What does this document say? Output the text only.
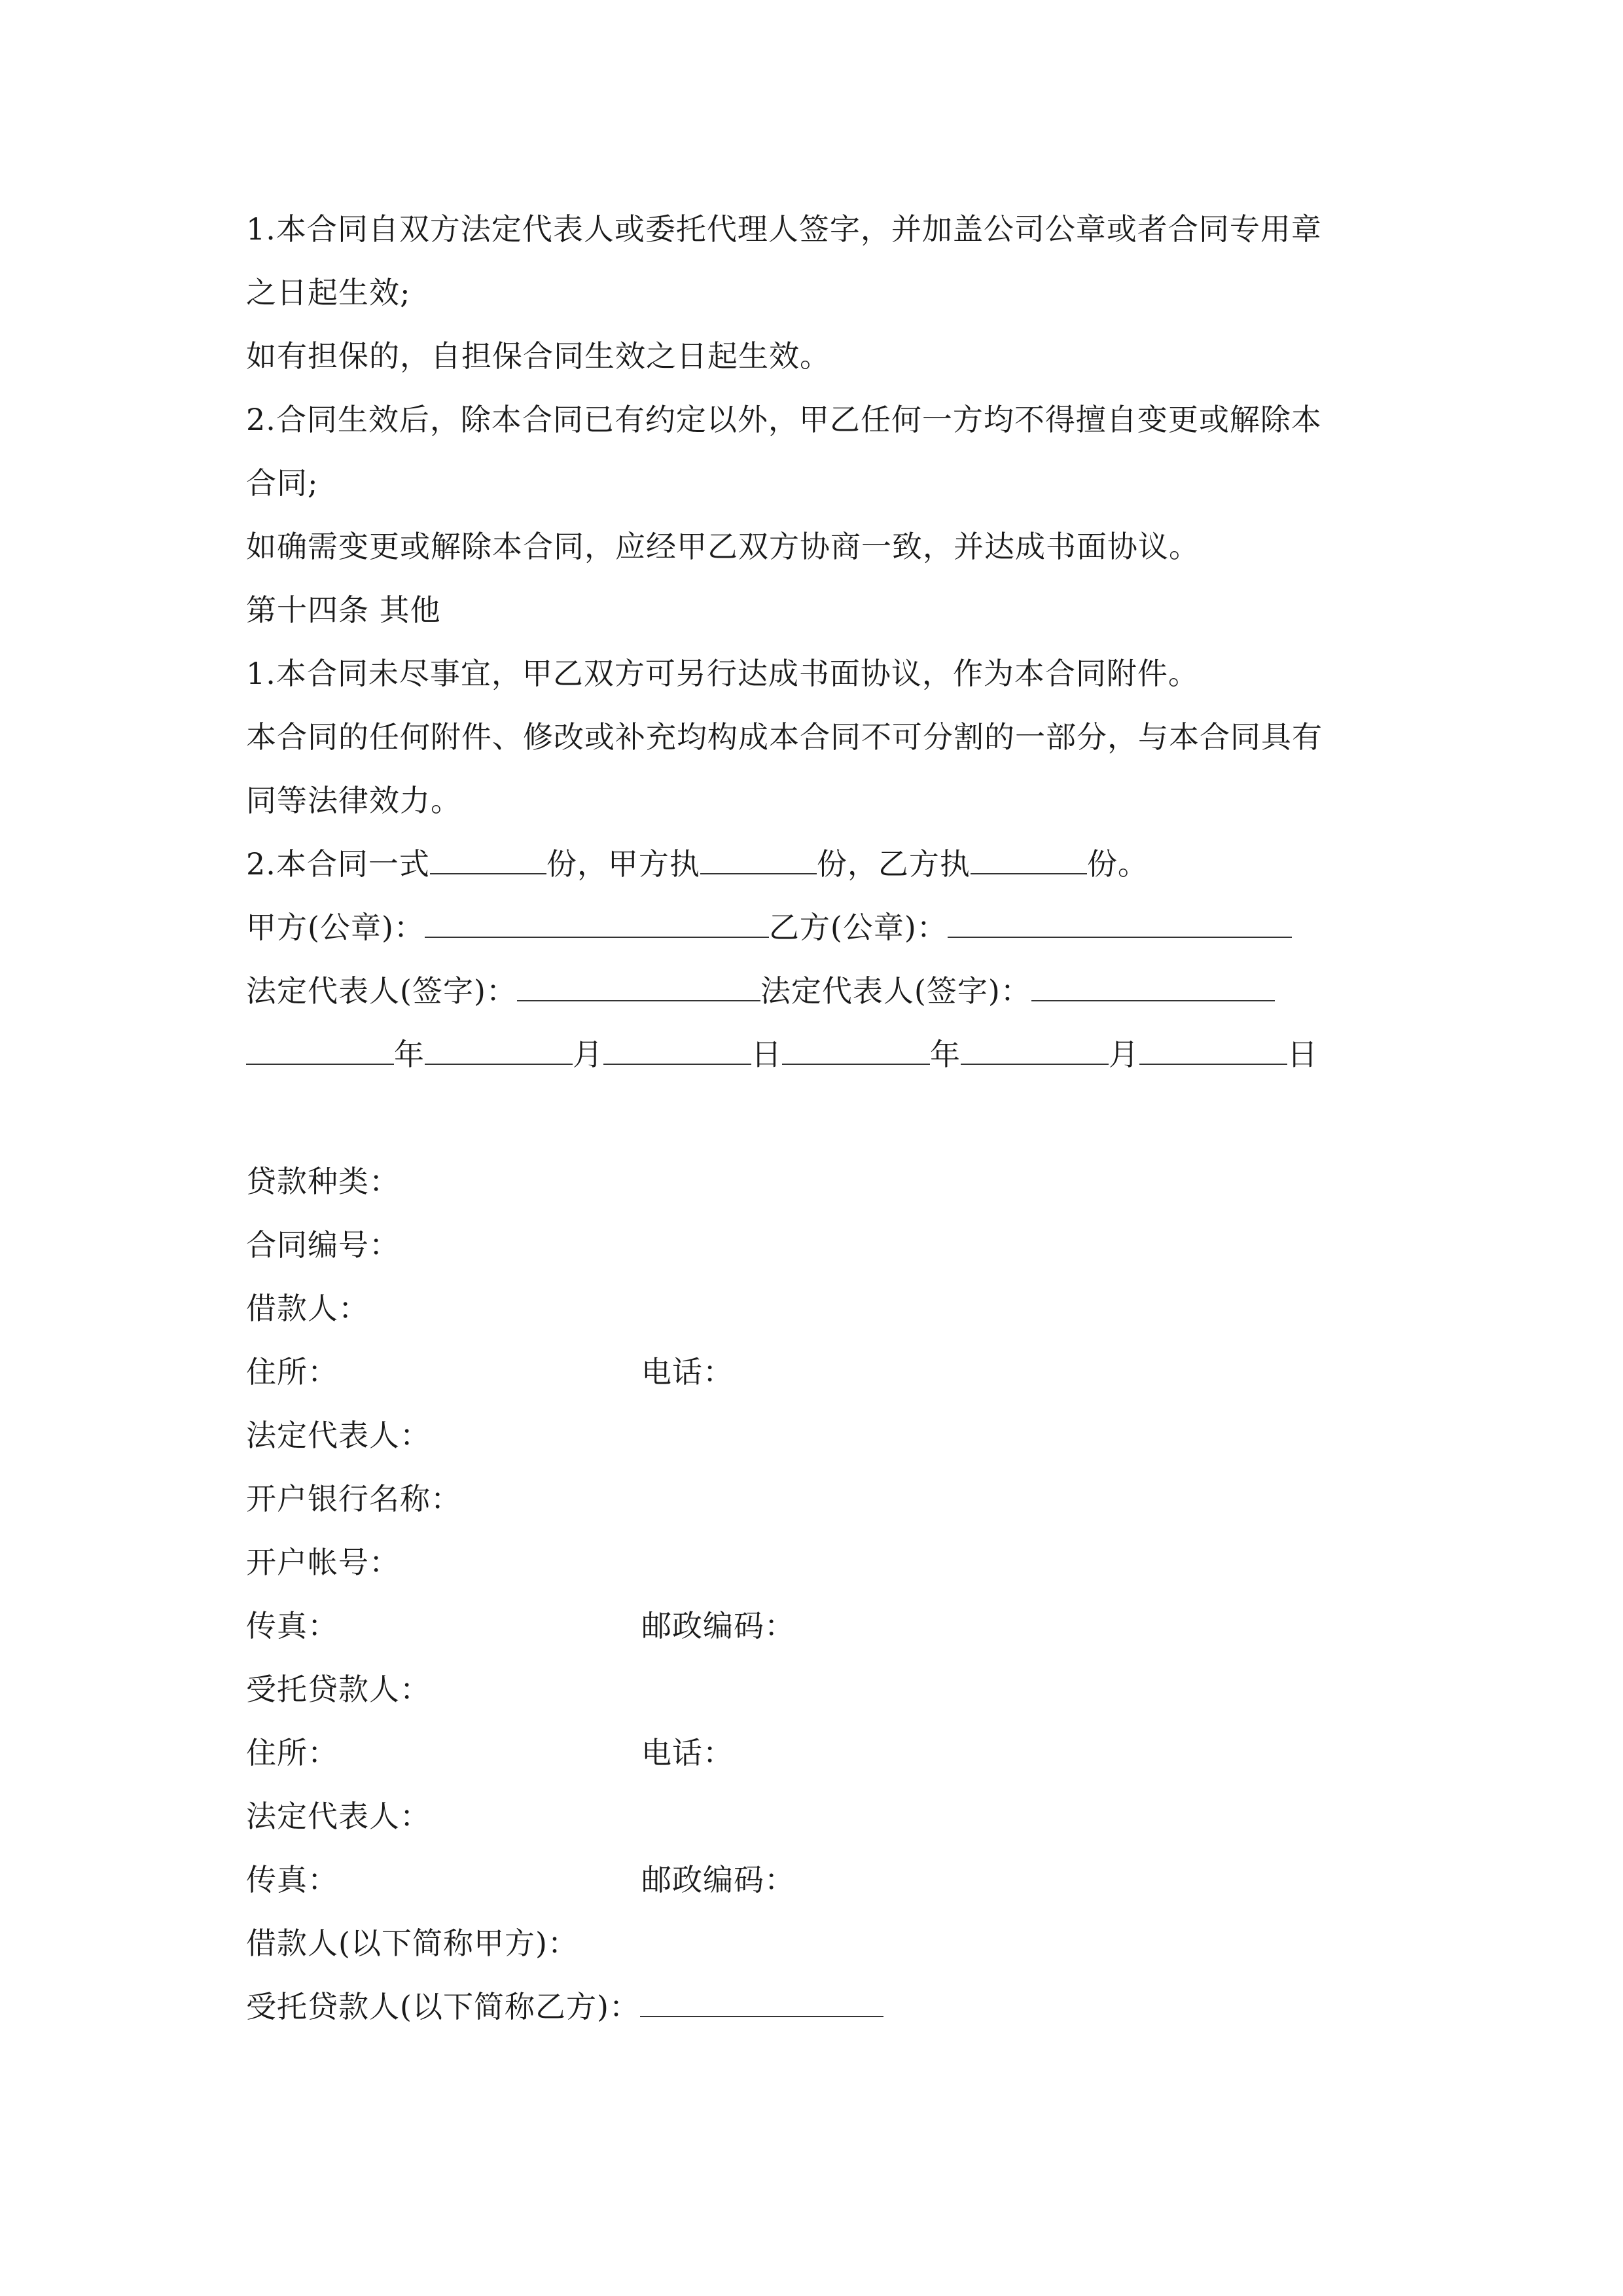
1.本合同自双方法定代表人或委托代理人签字，并加盖公司公章或者合同专用章
之日起生效;
如有担保的，自担保合同生效之日起生效。
2.合同生效后，除本合同已有约定以外，甲乙任何一方均不得擅自变更或解除本
合同;
如确需变更或解除本合同，应经甲乙双方协商一致，并达成书面协议。
第十四条 其他
1.本合同未尽事宜，甲乙双方可另行达成书面协议，作为本合同附件。
本合同的任何附件、修改或补充均构成本合同不可分割的一部分，与本合同具有
同等法律效力。
2.本合同一式	份，甲方执	份，乙方执	份。
甲方(公章)：	乙方(公章)：
法定代表人(签字)：	法定代表人(签字)：
年	月	日	年	月	日
贷款种类：
合同编号：
借款人：
住所：	电话：
法定代表人：
开户银行名称：
开户帐号：
传真：	邮政编码：
受托贷款人：
住所：	电话：
法定代表人：
传真：	邮政编码：
借款人(以下简称甲方)：
受托贷款人(以下简称乙方)：
